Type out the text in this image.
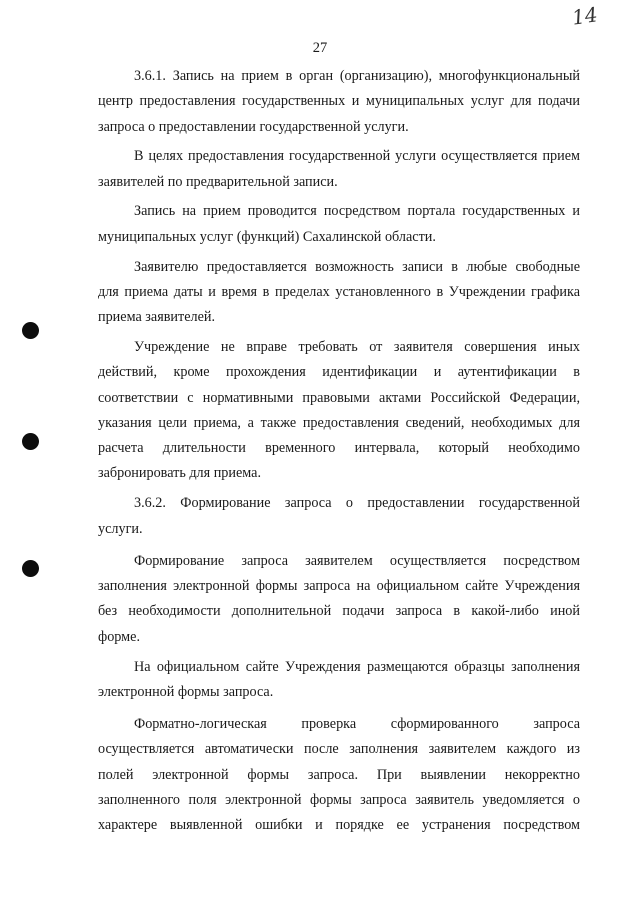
14
27

3.6.1. Запись на прием в орган (организацию), многофункциональный
центр предоставления государственных и муниципальных услуг для подачи
запроса о предоставлении государственной услуги.

В целях предоставления государственной услуги осуществляется прием
заявителей по предварительной записи.

Запись на прием проводится посредством портала государственных и
муниципальных услуг (функций) Сахалинской области.

Заявителю предоставляется возможность записи в любые свободные
для приема даты и время в пределах установленного в Учреждении графика
приема заявителей.

Учреждение не вправе требовать от заявителя совершения иных
действий, кроме прохождения идентификации и аутентификации в
соответствии с нормативными правовыми актами Российской Федерации,
указания цели приема, а также предоставления сведений, необходимых для
расчета длительности временного интервала, который необходимо
забронировать для приема.

3.6.2. Формирование запроса о предоставлении государственной
услуги.

Формирование запроса заявителем осуществляется посредством
заполнения электронной формы запроса на официальном сайте Учреждения
без необходимости дополнительной подачи запроса в какой-либо иной
форме.

На официальном сайте Учреждения размещаются образцы заполнения
электронной формы запроса.

Форматно-логическая проверка сформированного запроса
осуществляется автоматически после заполнения заявителем каждого из
полей электронной формы запроса. При выявлении некорректно
заполненного поля электронной формы запроса заявитель уведомляется о
характере выявленной ошибки и порядке ее устранения посредством
